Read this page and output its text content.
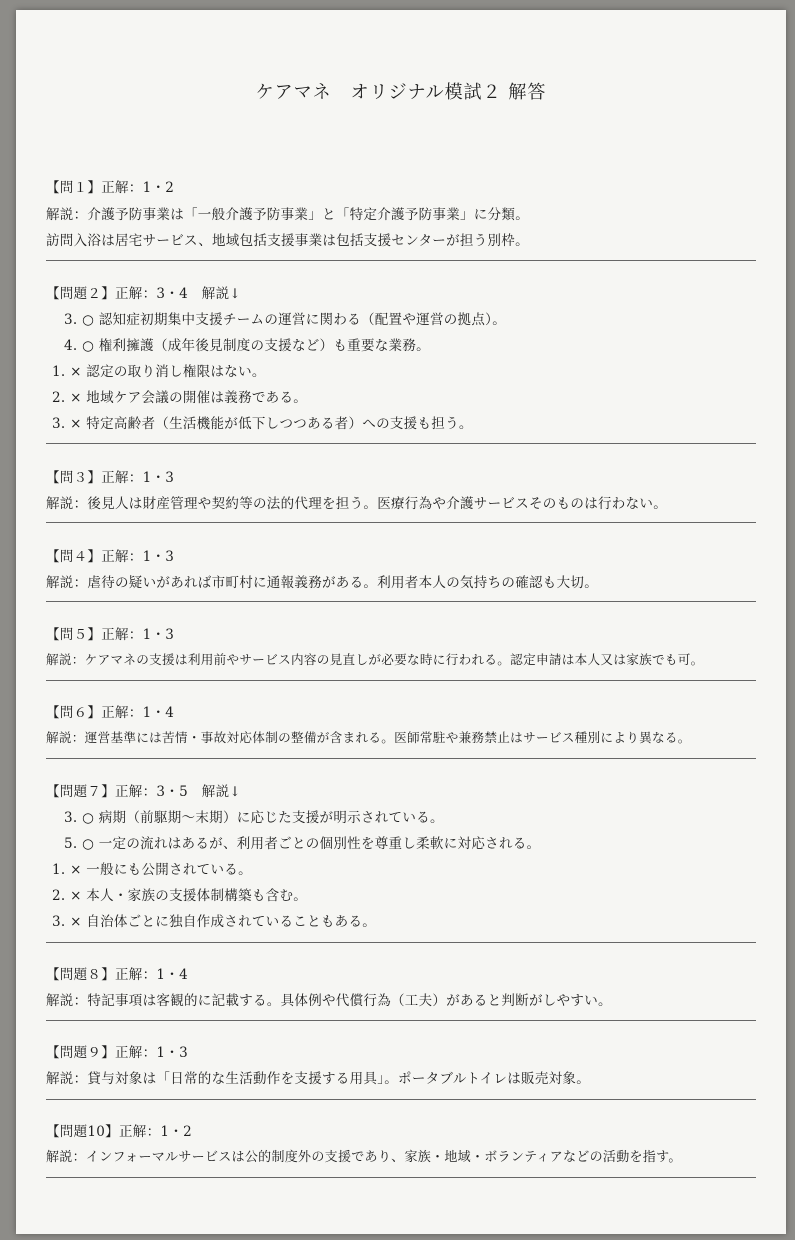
ケアマネ　オリジナル模試２ 解答
【問１】正解：1・2
解説：介護予防事業は「一般介護予防事業」と「特定介護予防事業」に分類。
訪問入浴は居宅サービス、地域包括支援事業は包括支援センターが担う別枠。
【問題２】正解：3・4　解説↓
3. ○ 認知症初期集中支援チームの運営に関わる（配置や運営の拠点）。
4. ○ 権利擁護（成年後見制度の支援など）も重要な業務。
1. × 認定の取り消し権限はない。
2. × 地域ケア会議の開催は義務である。
3. × 特定高齢者（生活機能が低下しつつある者）への支援も担う。
【問３】正解：1・3
解説：後見人は財産管理や契約等の法的代理を担う。医療行為や介護サービスそのものは行わない。
【問４】正解：1・3
解説：虐待の疑いがあれば市町村に通報義務がある。利用者本人の気持ちの確認も大切。
【問５】正解：1・3
解説：ケアマネの支援は利用前やサービス内容の見直しが必要な時に行われる。認定申請は本人又は家族でも可。
【問６】正解：1・4
解説：運営基準には苦情・事故対応体制の整備が含まれる。医師常駐や兼務禁止はサービス種別により異なる。
【問題７】正解：3・5　解説↓
3. ○ 病期（前駆期〜末期）に応じた支援が明示されている。
5. ○ 一定の流れはあるが、利用者ごとの個別性を尊重し柔軟に対応される。
1. × 一般にも公開されている。
2. × 本人・家族の支援体制構築も含む。
3. × 自治体ごとに独自作成されていることもある。
【問題８】正解：1・4
解説：特記事項は客観的に記載する。具体例や代償行為（工夫）があると判断がしやすい。
【問題９】正解：1・3
解説：貸与対象は「日常的な生活動作を支援する用具」。ポータブルトイレは販売対象。
【問題10】正解：1・2
解説：インフォーマルサービスは公的制度外の支援であり、家族・地域・ボランティアなどの活動を指す。
